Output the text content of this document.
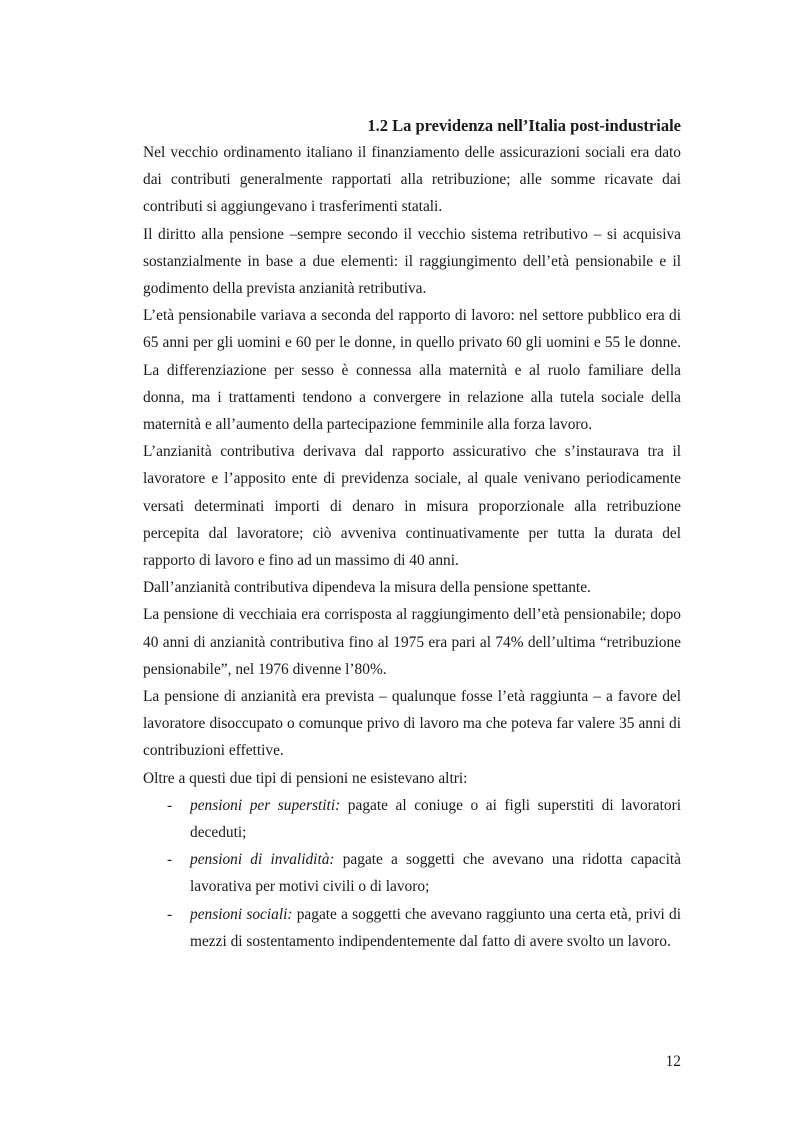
1.2 La previdenza nell’Italia post-industriale

Nel vecchio ordinamento italiano il finanziamento delle assicurazioni sociali era dato dai contributi generalmente rapportati alla retribuzione; alle somme ricavate dai contributi si aggiungevano i trasferimenti statali.

Il diritto alla pensione –sempre secondo il vecchio sistema retributivo – si acquisiva sostanzialmente in base a due elementi: il raggiungimento dell’età pensionabile e il godimento della prevista anzianità retributiva.

L’età pensionabile variava a seconda del rapporto di lavoro: nel settore pubblico era di 65 anni per gli uomini e 60 per le donne, in quello privato 60 gli uomini e 55 le donne. La differenziazione per sesso è connessa alla maternità e al ruolo familiare della donna, ma i trattamenti tendono a convergere in relazione alla tutela sociale della maternità e all’aumento della partecipazione femminile alla forza lavoro.

L’anzianità contributiva derivava dal rapporto assicurativo che s’instaurava tra il lavoratore e l’apposito ente di previdenza sociale, al quale venivano periodicamente versati determinati importi di denaro in misura proporzionale alla retribuzione percepita dal lavoratore; ciò avveniva continuativamente per tutta la durata del rapporto di lavoro e fino ad un massimo di 40 anni.

Dall’anzianità contributiva dipendeva la misura della pensione spettante.

La pensione di vecchiaia era corrisposta al raggiungimento dell’età pensionabile; dopo 40 anni di anzianità contributiva fino al 1975 era pari al 74% dell’ultima “retribuzione pensionabile”, nel 1976 divenne l’80%.

La pensione di anzianità era prevista – qualunque fosse l’età raggiunta – a favore del lavoratore disoccupato o comunque privo di lavoro ma che poteva far valere 35 anni di contribuzioni effettive.

Oltre a questi due tipi di pensioni ne esistevano altri:

- pensioni per superstiti: pagate al coniuge o ai figli superstiti di lavoratori deceduti;
- pensioni di invalidità: pagate a soggetti che avevano una ridotta capacità lavorativa per motivi civili o di lavoro;
- pensioni sociali: pagate a soggetti che avevano raggiunto una certa età, privi di mezzi di sostentamento indipendentemente dal fatto di avere svolto un lavoro.
12
